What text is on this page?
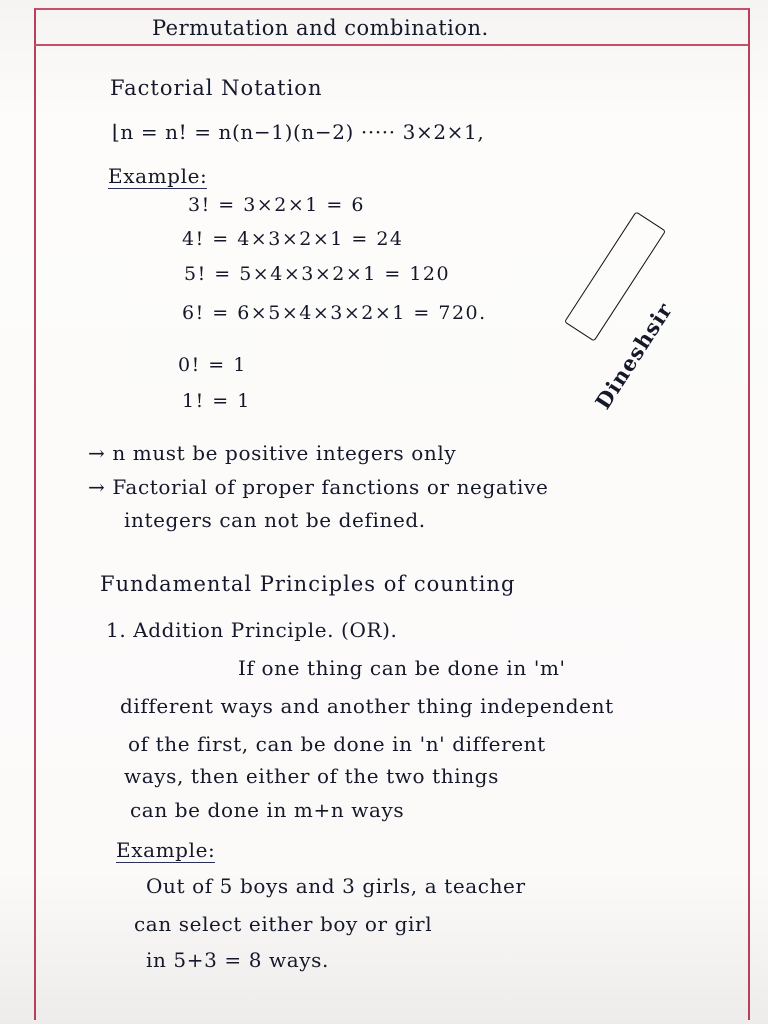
Permutation and combination.
Factorial Notation
⌊n = n! = n(n−1)(n−2) ····· 3×2×1,
Example:
3! = 3×2×1 = 6
4! = 4×3×2×1 = 24
5! = 5×4×3×2×1 = 120
6! = 6×5×4×3×2×1 = 720.
0! = 1
1! = 1	Dineshsir
→ n must be positive integers only
→ Factorial of proper fanctions or negative
integers can not be defined.
Fundamental Principles of counting
1. Addition Principle. (OR).
If one thing can be done in 'm'
different ways and another thing independent
of the first, can be done in 'n' different
ways, then either of the two things
can be done in m+n ways
Example:
Out of 5 boys and 3 girls, a teacher
can select either boy or girl
in 5+3 = 8 ways.
